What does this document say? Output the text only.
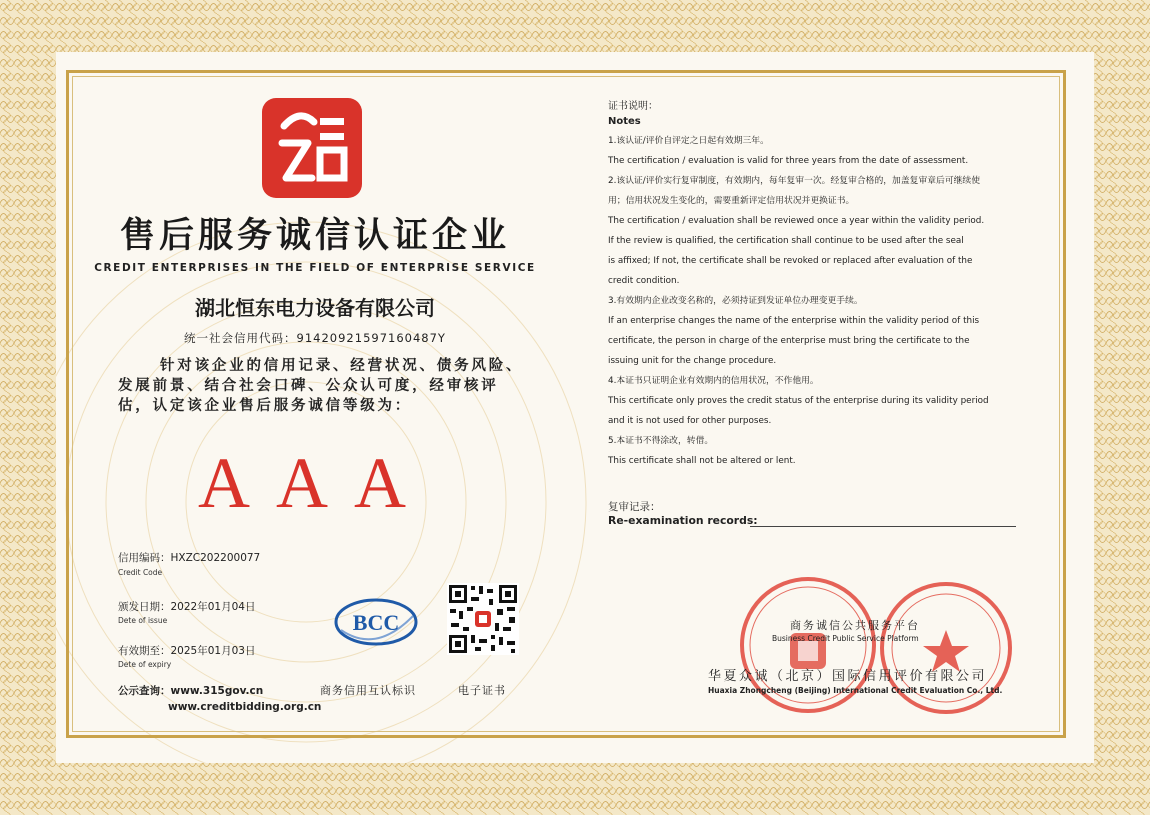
售后服务诚信认证企业
CREDIT ENTERPRISES IN THE FIELD OF ENTERPRISE SERVICE
湖北恒东电力设备有限公司
统一社会信用代码：91420921597160487Y
针对该企业的信用记录、经营状况、债务风险、发展前景、结合社会口碑、公众认可度，经审核评估，认定该企业售后服务诚信等级为：
AAA
信用编码：HXZC202200077
Credit Code
颁发日期：2022年01月04日
Dete of issue
有效期至：2025年01月03日
Dete of expiry
公示查询：www.315gov.cn
www.creditbidding.org.cn
BCC
商务信用互认标识	电子证书
证书说明：
Notes
1.该认证/评价自评定之日起有效期三年。
The certification / evaluation is valid for three years from the date of assessment.
2.该认证/评价实行复审制度，有效期内，每年复审一次。经复审合格的，加盖复审章后可继续使
用；信用状况发生变化的，需要重新评定信用状况并更换证书。
The certification / evaluation shall be reviewed once a year within the validity period.
If the review is qualified, the certification shall continue to be used after the seal
is affixed; If not, the certificate shall be revoked or replaced after evaluation of the
credit condition.
3.有效期内企业改变名称的，必须持证到发证单位办理变更手续。
If an enterprise changes the name of the enterprise within the validity period of this
certificate, the person in charge of the enterprise must bring the certificate to the
issuing unit for the change procedure.
4.本证书只证明企业有效期内的信用状况，不作他用。
This certificate only proves the credit status of the enterprise during its validity period
and it is not used for other purposes.
5.本证书不得涂改，转借。
This certificate shall not be altered or lent.
复审记录：
Re-examination records:
商务诚信公共服务平台
Business Credit Public Service Platform
华夏众诚（北京）国际信用评价有限公司
Huaxia Zhongcheng (Beijing) International Credit Evaluation Co., Ltd.
